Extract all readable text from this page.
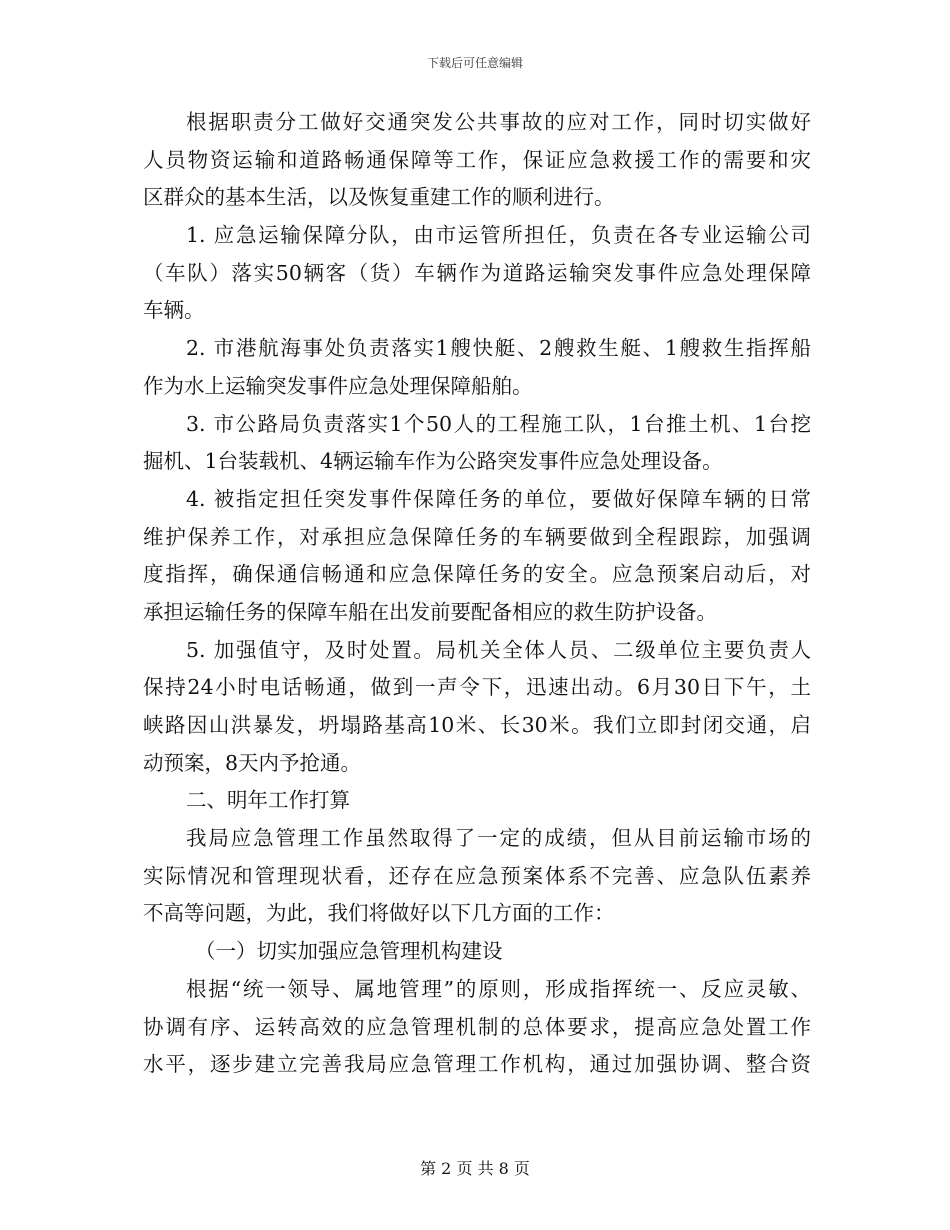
下载后可任意编辑
根据职责分工做好交通突发公共事故的应对工作，同时切实做好
人员物资运输和道路畅通保障等工作，保证应急救援工作的需要和灾
区群众的基本生活，以及恢复重建工作的顺利进行。
1. 应急运输保障分队，由市运管所担任，负责在各专业运输公司
（车队）落实50辆客（货）车辆作为道路运输突发事件应急处理保障
车辆。
2. 市港航海事处负责落实1艘快艇、2艘救生艇、1艘救生指挥船
作为水上运输突发事件应急处理保障船舶。
3. 市公路局负责落实1个50人的工程施工队，1台推土机、1台挖
掘机、1台装载机、4辆运输车作为公路突发事件应急处理设备。
4. 被指定担任突发事件保障任务的单位，要做好保障车辆的日常
维护保养工作，对承担应急保障任务的车辆要做到全程跟踪，加强调
度指挥，确保通信畅通和应急保障任务的安全。应急预案启动后，对
承担运输任务的保障车船在出发前要配备相应的救生防护设备。
5. 加强值守，及时处置。局机关全体人员、二级单位主要负责人
保持24小时电话畅通，做到一声令下，迅速出动。6月30日下午，土
峡路因山洪暴发，坍塌路基高10米、长30米。我们立即封闭交通，启
动预案，8天内予抢通。
二、明年工作打算
我局应急管理工作虽然取得了一定的成绩，但从目前运输市场的
实际情况和管理现状看，还存在应急预案体系不完善、应急队伍素养
不高等问题，为此，我们将做好以下几方面的工作：
（一）切实加强应急管理机构建设
根据“统一领导、属地管理”的原则，形成指挥统一、反应灵敏、
协调有序、运转高效的应急管理机制的总体要求，提高应急处置工作
水平，逐步建立完善我局应急管理工作机构，通过加强协调、整合资
第 2 页 共 8 页
